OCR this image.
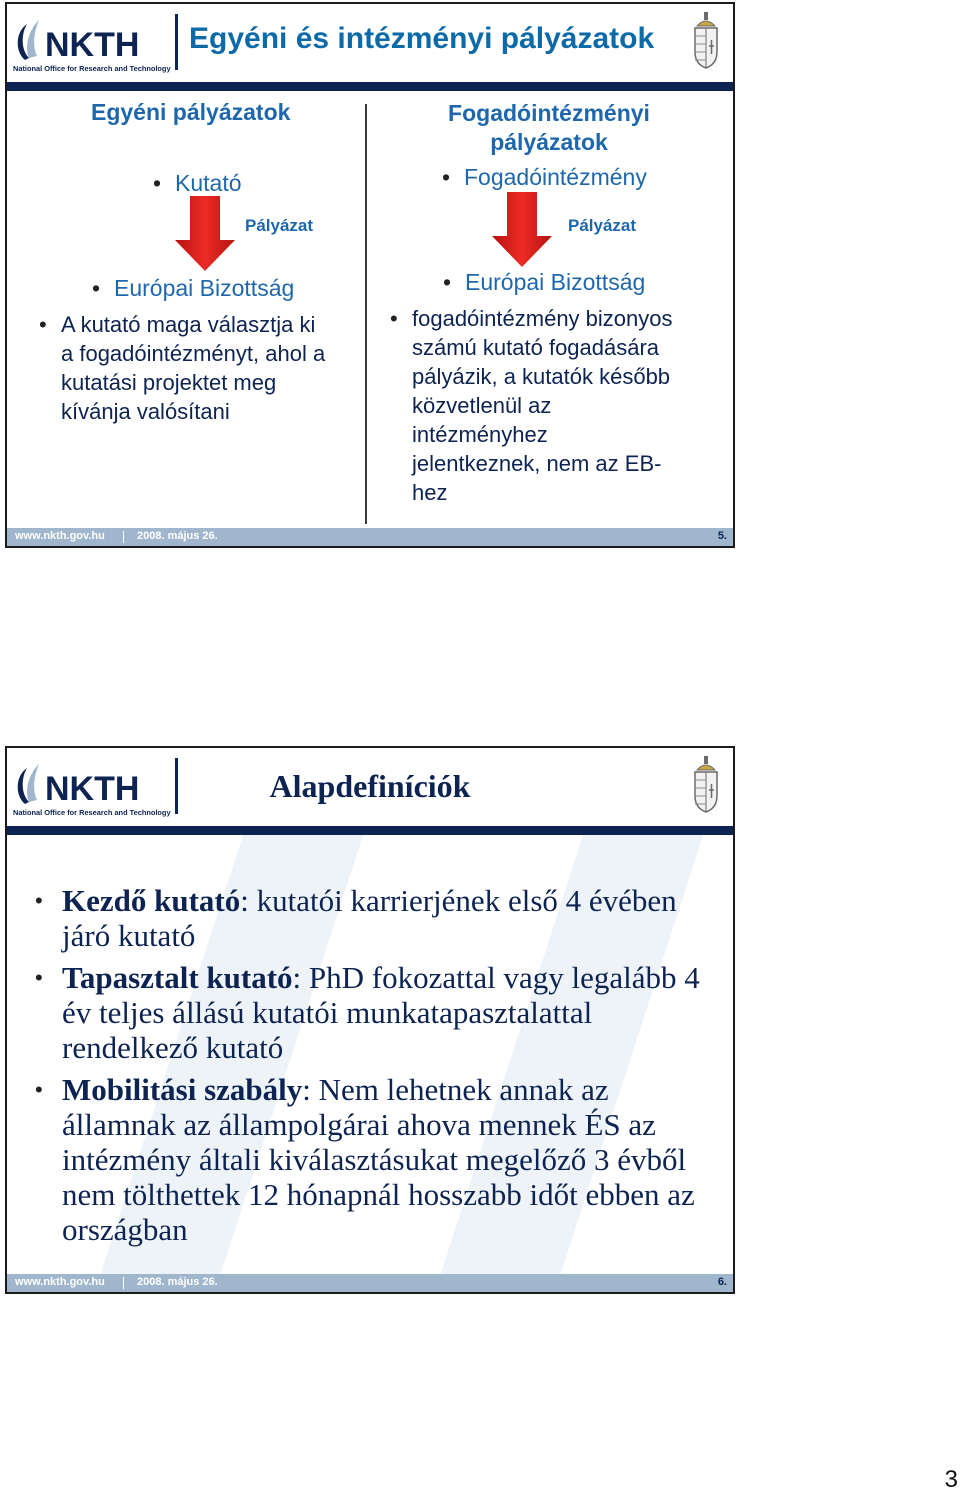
NKTH
National Office for Research and Technology
Egyéni és intézményi pályázatok
Egyéni pályázatok
• Kutató
Pályázat
• Európai Bizottság
• A kutató maga választja ki
a fogadóintézményt, ahol a
kutatási projektet meg
kívánja valósítani
Fogadóintézményi
pályázatok
• Fogadóintézmény
Pályázat
• Európai Bizottság
• fogadóintézmény bizonyos
számú kutató fogadására
pályázik, a kutatók később
közvetlenül az
intézményhez
jelentkeznek, nem az EB-
hez
www.nkth.gov.hu	2008. május 26.	5.
NKTH
National Office for Research and Technology
Alapdefiníciók
• Kezdő kutató: kutatói karrierjének első 4 évében járó kutató
• Tapasztalt kutató: PhD fokozattal vagy legalább 4 év teljes állású kutatói munkatapasztalattal rendelkező kutató
• Mobilitási szabály: Nem lehetnek annak az államnak az állampolgárai ahova mennek ÉS az intézmény általi kiválasztásukat megelőző 3 évből nem tölthettek 12 hónapnál hosszabb időt ebben az országban
www.nkth.gov.hu	2008. május 26.	6.
3
